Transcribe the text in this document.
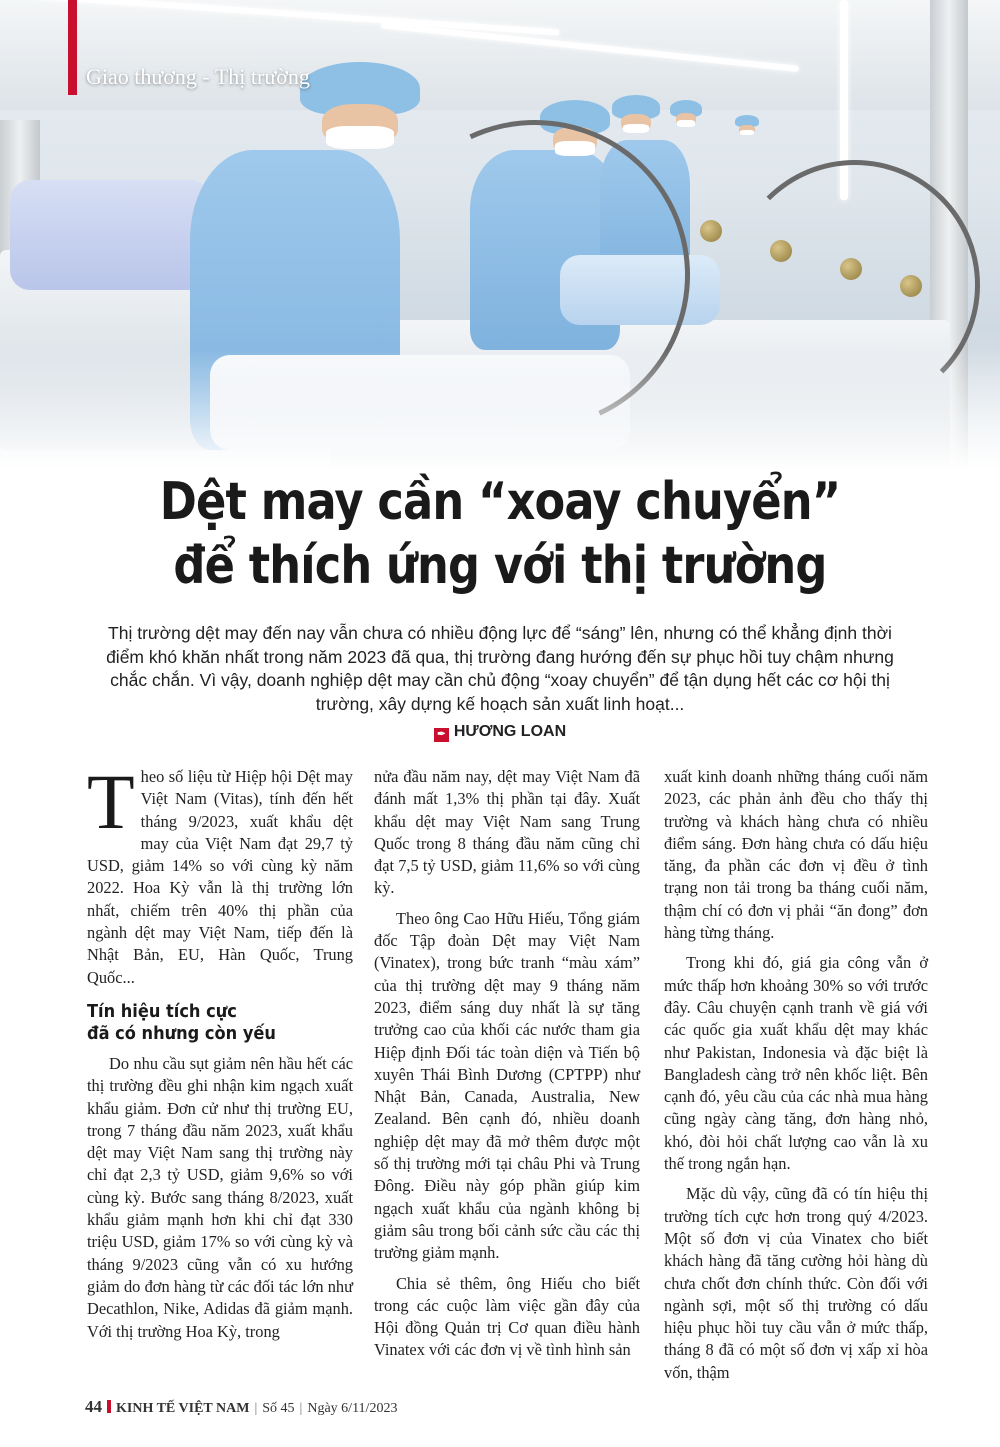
Giao thương - Thị trường
Dệt may cần “xoay chuyển”
để thích ứng với thị trường
Thị trường dệt may đến nay vẫn chưa có nhiều động lực để “sáng” lên, nhưng có thể khẳng định thời điểm khó khăn nhất trong năm 2023 đã qua, thị trường đang hướng đến sự phục hồi tuy chậm nhưng chắc chắn. Vì vậy, doanh nghiệp dệt may cần chủ động “xoay chuyển” để tận dụng hết các cơ hội thị trường, xây dựng kế hoạch sản xuất linh hoạt...
✒ HƯƠNG LOAN

Theo số liệu từ Hiệp hội Dệt may Việt Nam (Vitas), tính đến hết tháng 9/2023, xuất khẩu dệt may của Việt Nam đạt 29,7 tỷ USD, giảm 14% so với cùng kỳ năm 2022. Hoa Kỳ vẫn là thị trường lớn nhất, chiếm trên 40% thị phần của ngành dệt may Việt Nam, tiếp đến là Nhật Bản, EU, Hàn Quốc, Trung Quốc...

Tín hiệu tích cực
đã có nhưng còn yếu

Do nhu cầu sụt giảm nên hầu hết các thị trường đều ghi nhận kim ngạch xuất khẩu giảm. Đơn cử như thị trường EU, trong 7 tháng đầu năm 2023, xuất khẩu dệt may Việt Nam sang thị trường này chỉ đạt 2,3 tỷ USD, giảm 9,6% so với cùng kỳ. Bước sang tháng 8/2023, xuất khẩu giảm mạnh hơn khi chỉ đạt 330 triệu USD, giảm 17% so với cùng kỳ và tháng 9/2023 cũng vẫn có xu hướng giảm do đơn hàng từ các đối tác lớn như Decathlon, Nike, Adidas đã giảm mạnh. Với thị trường Hoa Kỳ, trong

nửa đầu năm nay, dệt may Việt Nam đã đánh mất 1,3% thị phần tại đây. Xuất khẩu dệt may Việt Nam sang Trung Quốc trong 8 tháng đầu năm cũng chỉ đạt 7,5 tỷ USD, giảm 11,6% so với cùng kỳ.

Theo ông Cao Hữu Hiếu, Tổng giám đốc Tập đoàn Dệt may Việt Nam (Vinatex), trong bức tranh “màu xám” của thị trường dệt may 9 tháng năm 2023, điểm sáng duy nhất là sự tăng trưởng cao của khối các nước tham gia Hiệp định Đối tác toàn diện và Tiến bộ xuyên Thái Bình Dương (CPTPP) như Nhật Bản, Canada, Australia, New Zealand. Bên cạnh đó, nhiều doanh nghiệp dệt may đã mở thêm được một số thị trường mới tại châu Phi và Trung Đông. Điều này góp phần giúp kim ngạch xuất khẩu của ngành không bị giảm sâu trong bối cảnh sức cầu các thị trường giảm mạnh.

Chia sẻ thêm, ông Hiếu cho biết trong các cuộc làm việc gần đây của Hội đồng Quản trị Cơ quan điều hành Vinatex với các đơn vị về tình hình sản

xuất kinh doanh những tháng cuối năm 2023, các phản ảnh đều cho thấy thị trường và khách hàng chưa có nhiều điểm sáng. Đơn hàng chưa có dấu hiệu tăng, đa phần các đơn vị đều ở tình trạng non tải trong ba tháng cuối năm, thậm chí có đơn vị phải “ăn đong” đơn hàng từng tháng.

Trong khi đó, giá gia công vẫn ở mức thấp hơn khoảng 30% so với trước đây. Câu chuyện cạnh tranh về giá với các quốc gia xuất khẩu dệt may khác như Pakistan, Indonesia và đặc biệt là Bangladesh càng trở nên khốc liệt. Bên cạnh đó, yêu cầu của các nhà mua hàng cũng ngày càng tăng, đơn hàng nhỏ, khó, đòi hỏi chất lượng cao vẫn là xu thế trong ngắn hạn.

Mặc dù vậy, cũng đã có tín hiệu thị trường tích cực hơn trong quý 4/2023. Một số đơn vị của Vinatex cho biết khách hàng đã tăng cường hỏi hàng dù chưa chốt đơn chính thức. Còn đối với ngành sợi, một số thị trường có dấu hiệu phục hồi tuy cầu vẫn ở mức thấp, tháng 8 đã có một số đơn vị xấp xỉ hòa vốn, thậm

44 KINH TẾ VIỆT NAM | Số 45 | Ngày 6/11/2023
